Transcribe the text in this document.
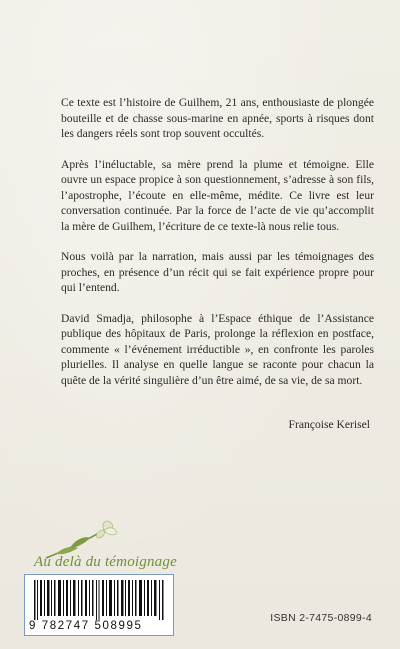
Ce texte est l’histoire de Guilhem, 21 ans, enthousiaste de plongée bouteille et de chasse sous-marine en apnée, sports à risques dont les dangers réels sont trop souvent occultés.

Après l’inéluctable, sa mère prend la plume et témoigne. Elle ouvre un espace propice à son questionnement, s’adresse à son fils, l’apostrophe, l’écoute en elle-même, médite. Ce livre est leur conversation continuée. Par la force de l’acte de vie qu’accomplit la mère de Guilhem, l’écriture de ce texte-là nous relie tous.

Nous voilà par la narration, mais aussi par les témoignages des proches, en présence d’un récit qui se fait expérience propre pour qui l’entend.

David Smadja, philosophe à l’Espace éthique de l’Assistance publique des hôpitaux de Paris, prolonge la réflexion en postface, commente « l’événement irréductible », en confronte les paroles plurielles. Il analyse en quelle langue se raconte pour chacun la quête de la vérité singulière d’un être aimé, de sa vie, de sa mort.

Françoise Kerisel
Au delà du témoignage
9 782747 508995
ISBN 2-7475-0899-4
